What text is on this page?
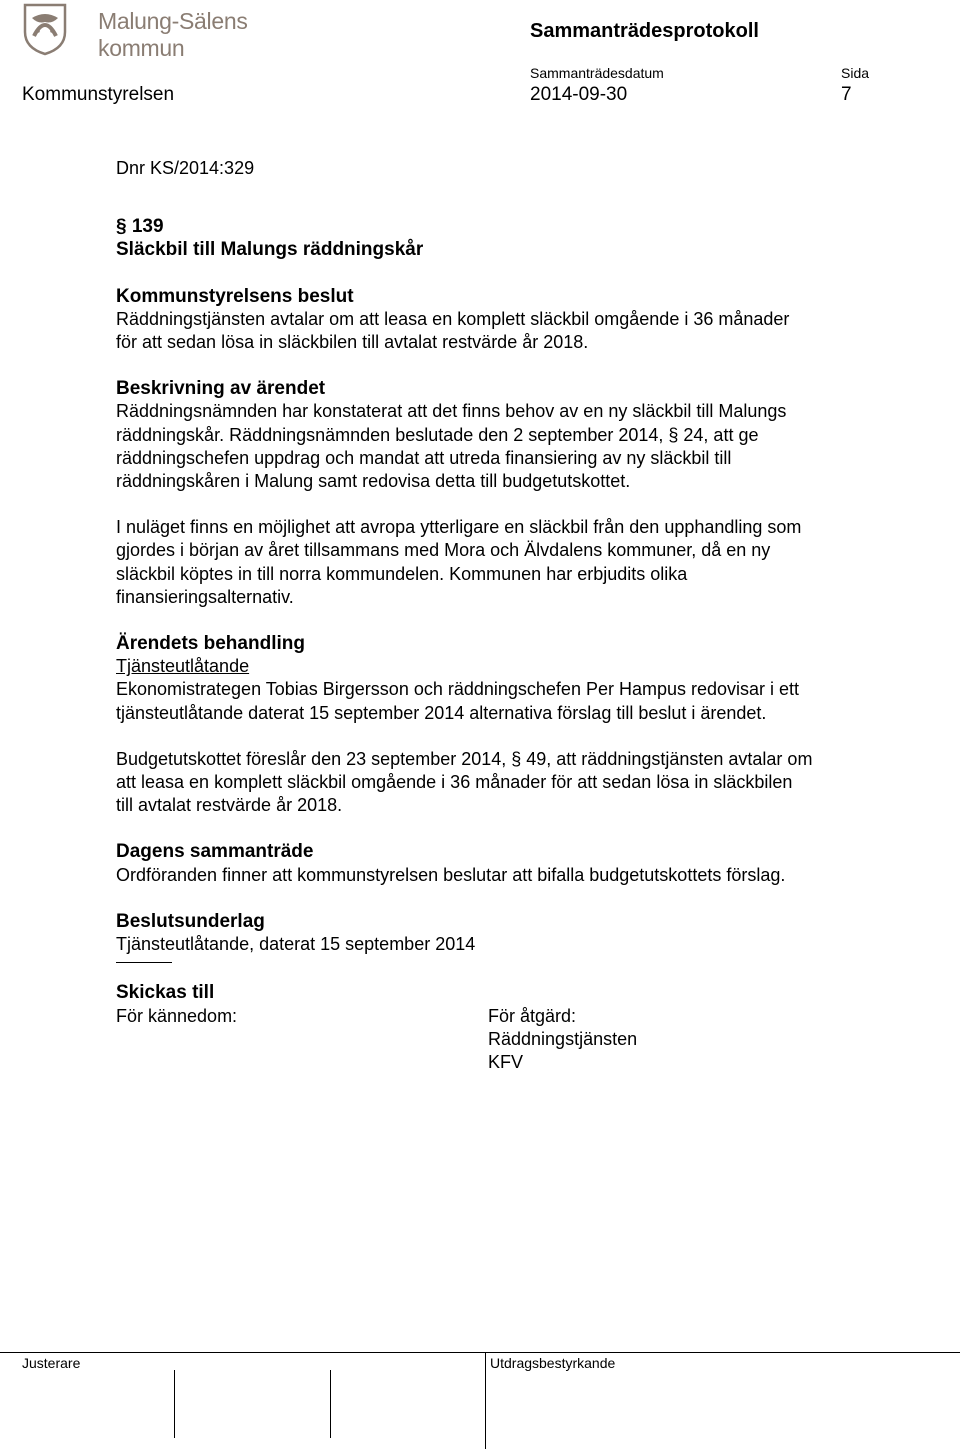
Malung-Sälens kommun
Sammanträdesprotokoll
Sammanträdesdatum	Sida
Kommunstyrelsen	2014-09-30	7

Dnr KS/2014:329

§ 139

Släckbil till Malungs räddningskår

Kommunstyrelsens beslut

Räddningstjänsten avtalar om att leasa en komplett släckbil omgående i 36 månader

för att sedan lösa in släckbilen till avtalat restvärde år 2018.

Beskrivning av ärendet

Räddningsnämnden har konstaterat att det finns behov av en ny släckbil till Malungs

räddningskår. Räddningsnämnden beslutade den 2 september 2014, § 24, att ge

räddningschefen uppdrag och mandat att utreda finansiering av ny släckbil till

räddningskåren i Malung samt redovisa detta till budgetutskottet.

I nuläget finns en möjlighet att avropa ytterligare en släckbil från den upphandling som

gjordes i början av året tillsammans med Mora och Älvdalens kommuner, då en ny

släckbil köptes in till norra kommundelen. Kommunen har erbjudits olika

finansieringsalternativ.

Ärendets behandling

Tjänsteutlåtande

Ekonomistrategen Tobias Birgersson och räddningschefen Per Hampus redovisar i ett

tjänsteutlåtande daterat 15 september 2014 alternativa förslag till beslut i ärendet.

Budgetutskottet föreslår den 23 september 2014, § 49, att räddningstjänsten avtalar om

att leasa en komplett släckbil omgående i 36 månader för att sedan lösa in släckbilen

till avtalat restvärde år 2018.

Dagens sammanträde

Ordföranden finner att kommunstyrelsen beslutar att bifalla budgetutskottets förslag.

Beslutsunderlag

Tjänsteutlåtande, daterat 15 september 2014

Skickas till

För kännedom:	För åtgärd:

Räddningstjänsten

KFV

Justerare	Utdragsbestyrkande
